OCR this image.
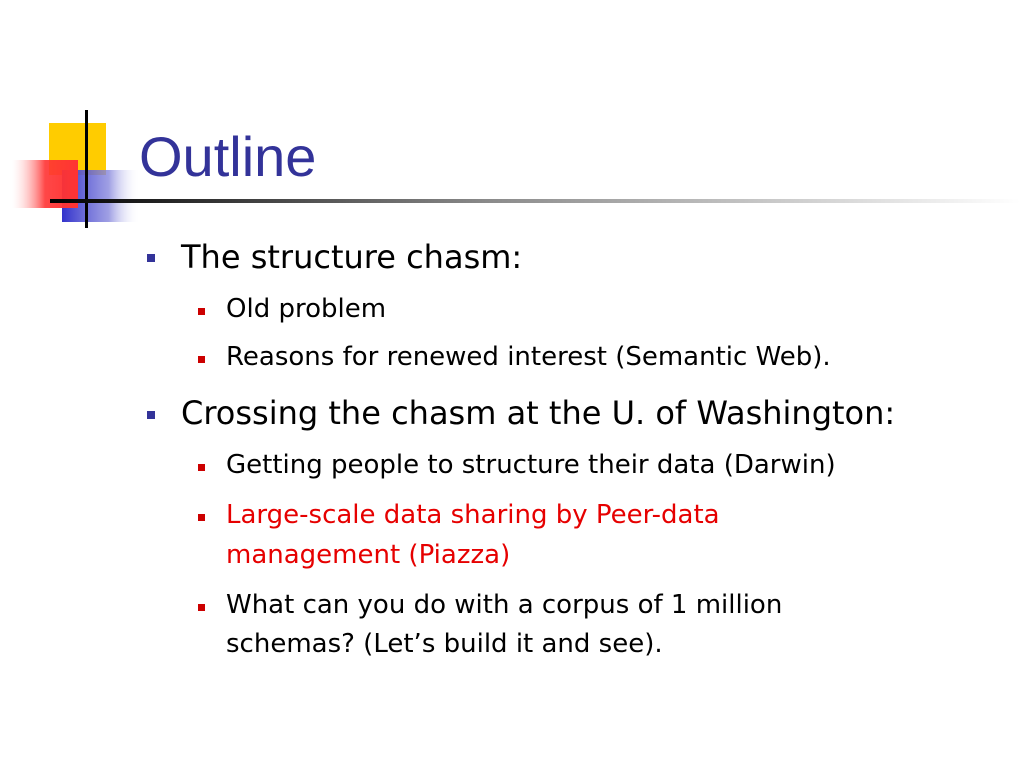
Outline
The structure chasm:
Old problem
Reasons for renewed interest (Semantic Web).
Crossing the chasm at the U. of Washington:
Getting people to structure their data (Darwin)
Large-scale data sharing by Peer-data
management (Piazza)
What can you do with a corpus of 1 million
schemas? (Let’s build it and see).
